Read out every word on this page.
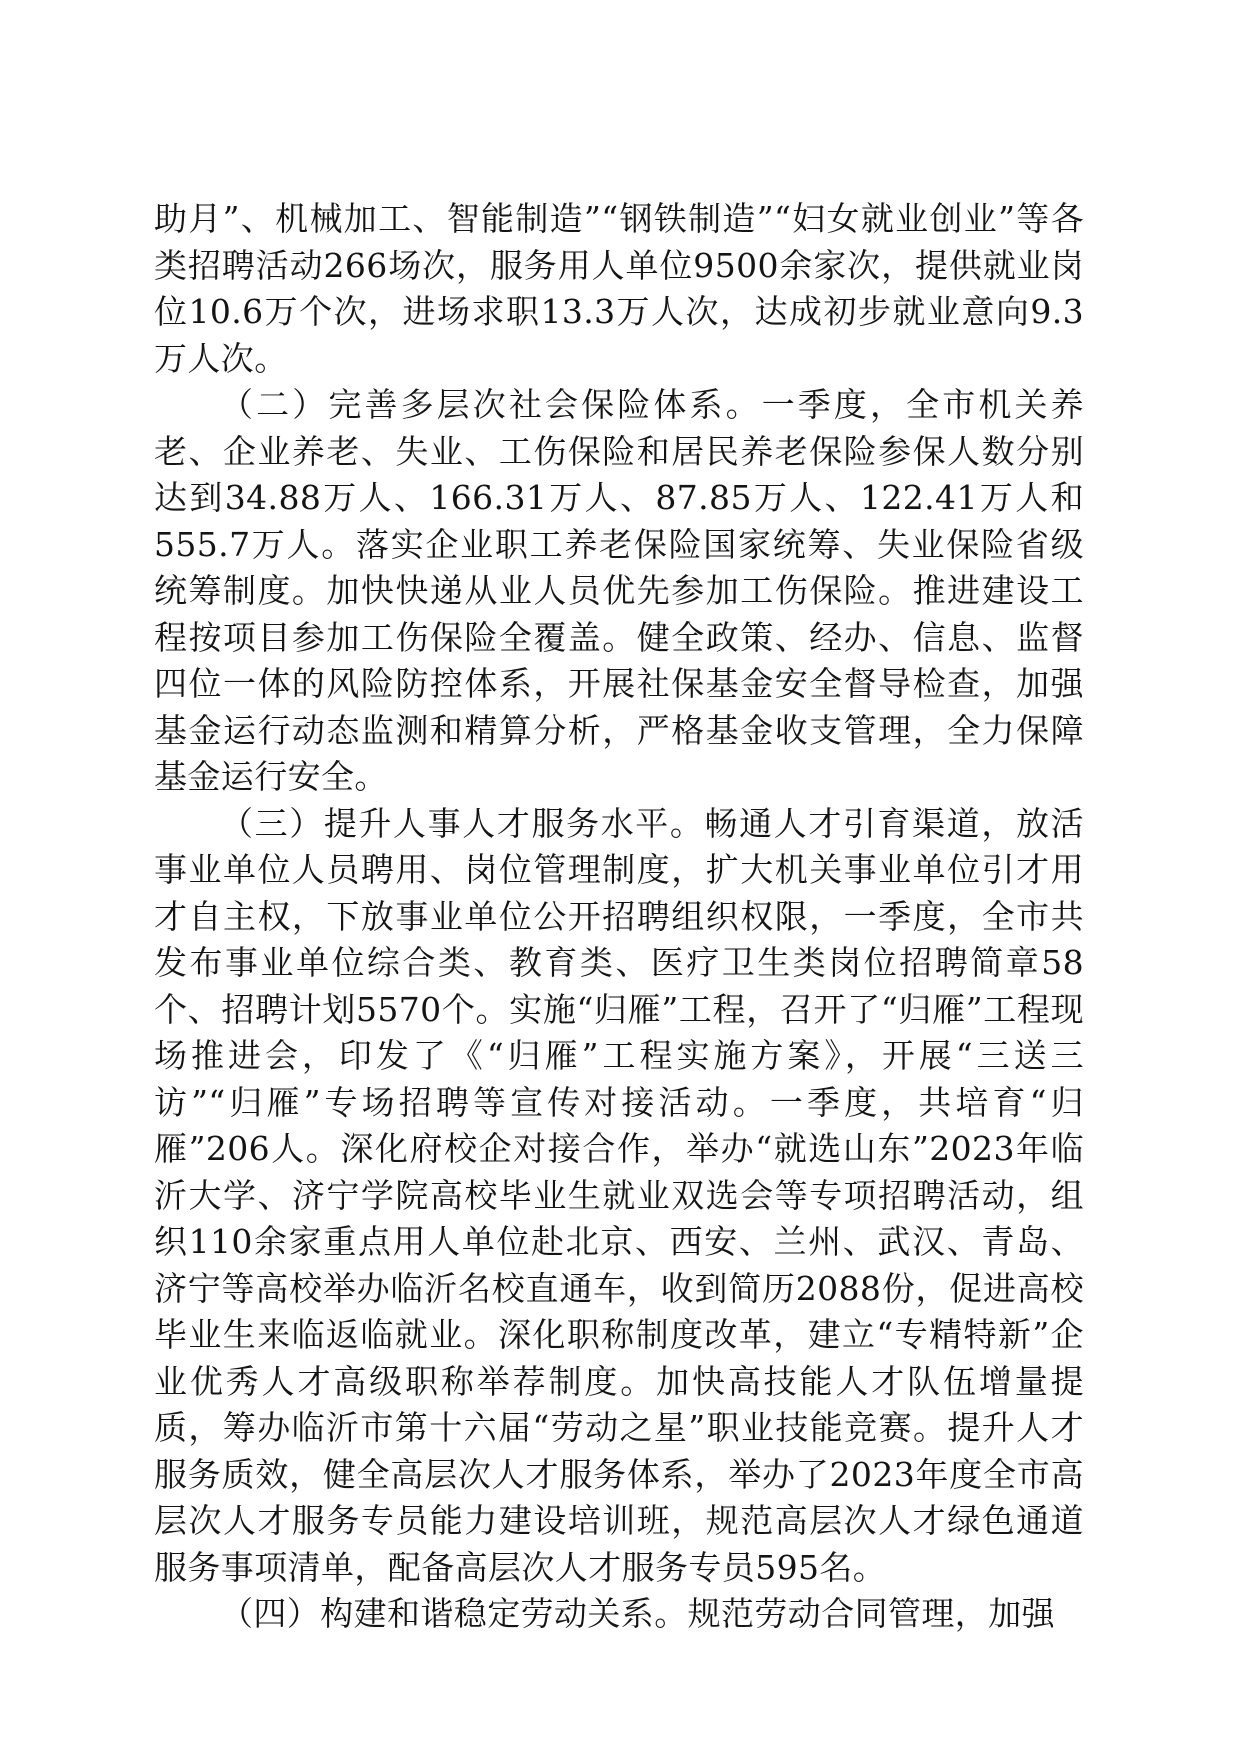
助月”、机械加工、智能制造”“钢铁制造”“妇女就业创业”等各类招聘活动266场次，服务用人单位9500余家次，提供就业岗位10.6万个次，进场求职13.3万人次，达成初步就业意向9.3万人次。

（二）完善多层次社会保险体系。一季度，全市机关养老、企业养老、失业、工伤保险和居民养老保险参保人数分别达到34.88万人、166.31万人、87.85万人、122.41万人和555.7万人。落实企业职工养老保险国家统筹、失业保险省级统筹制度。加快快递从业人员优先参加工伤保险。推进建设工程按项目参加工伤保险全覆盖。健全政策、经办、信息、监督四位一体的风险防控体系，开展社保基金安全督导检查，加强基金运行动态监测和精算分析，严格基金收支管理，全力保障基金运行安全。

（三）提升人事人才服务水平。畅通人才引育渠道，放活事业单位人员聘用、岗位管理制度，扩大机关事业单位引才用才自主权，下放事业单位公开招聘组织权限，一季度，全市共发布事业单位综合类、教育类、医疗卫生类岗位招聘简章58个、招聘计划5570个。实施“归雁”工程，召开了“归雁”工程现场推进会，印发了《“归雁”工程实施方案》，开展“三送三访”“归雁”专场招聘等宣传对接活动。一季度，共培育“归雁”206人。深化府校企对接合作，举办“就选山东”2023年临沂大学、济宁学院高校毕业生就业双选会等专项招聘活动，组织110余家重点用人单位赴北京、西安、兰州、武汉、青岛、济宁等高校举办临沂名校直通车，收到简历2088份，促进高校毕业生来临返临就业。深化职称制度改革，建立“专精特新”企业优秀人才高级职称举荐制度。加快高技能人才队伍增量提质，筹办临沂市第十六届“劳动之星”职业技能竞赛。提升人才服务质效，健全高层次人才服务体系，举办了2023年度全市高层次人才服务专员能力建设培训班，规范高层次人才绿色通道服务事项清单，配备高层次人才服务专员595名。

（四）构建和谐稳定劳动关系。规范劳动合同管理，加强
